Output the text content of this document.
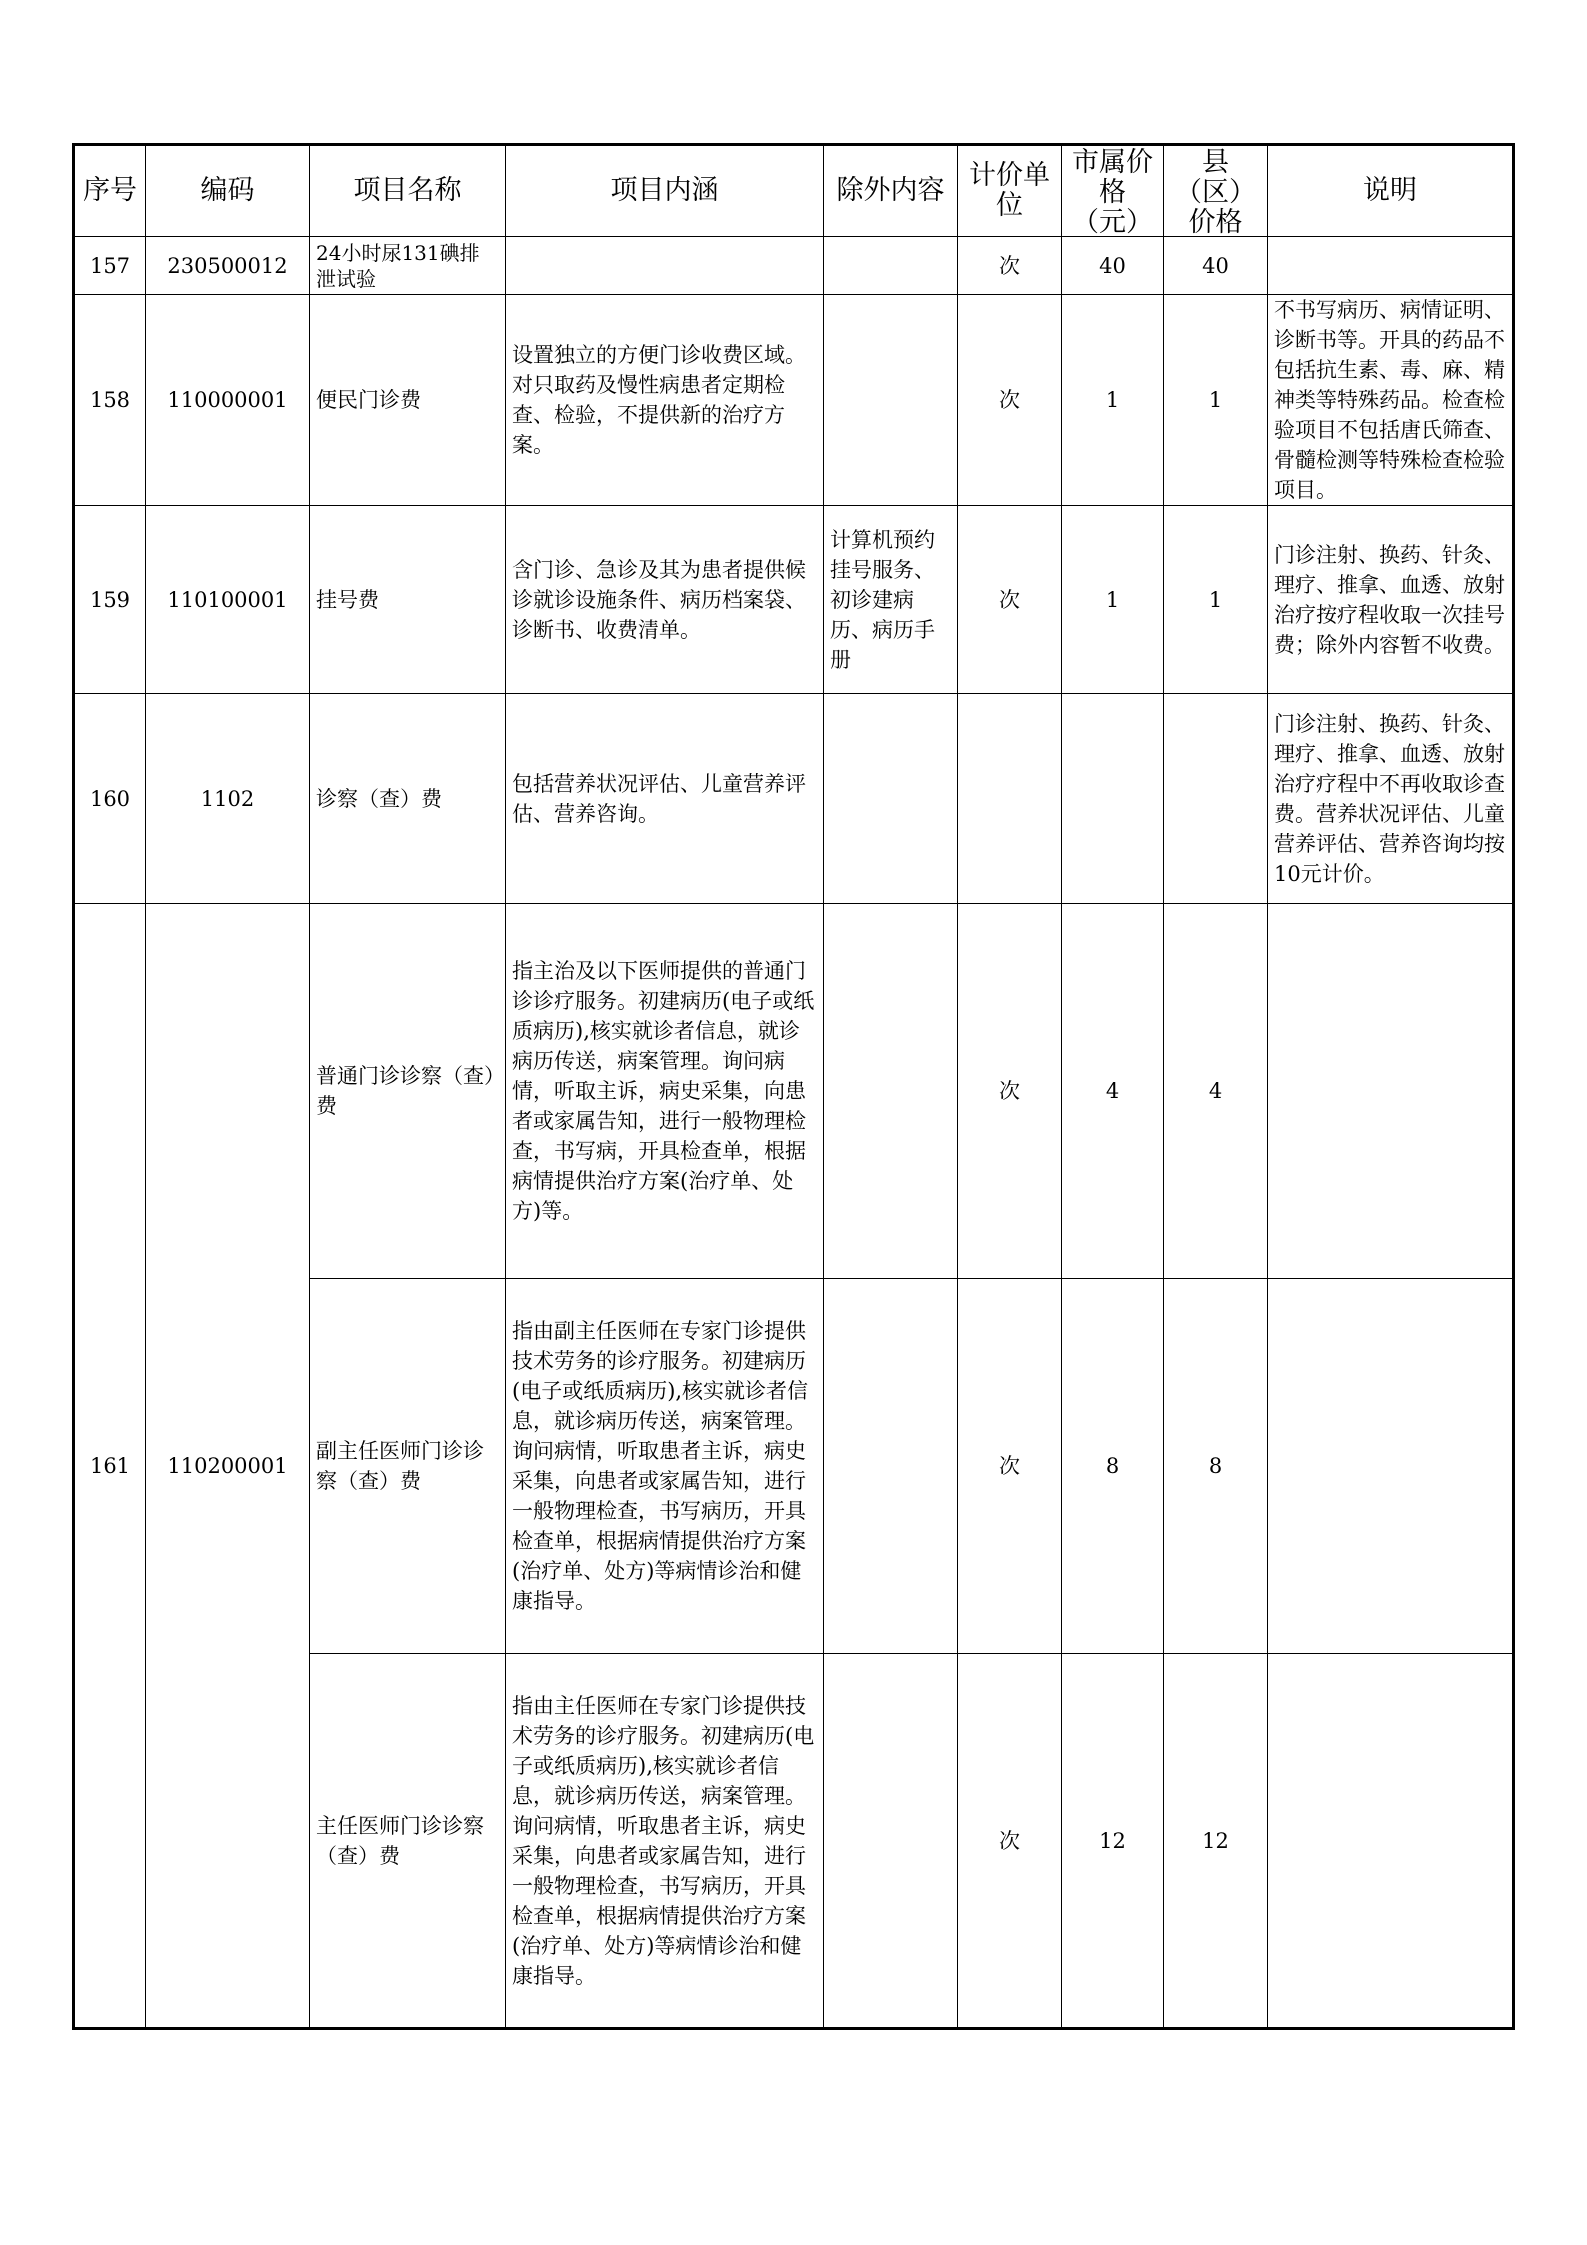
序号	编码	项目名称	项目内涵	除外内容	计价单位	市属价格（元）	县（区）价格	说明

157	230500012	24小时尿131碘排泄试验			次	40	40	
158	110000001	便民门诊费	设置独立的方便门诊收费区域。对只取药及慢性病患者定期检查、检验，不提供新的治疗方案。		次	1	1	不书写病历、病情证明、诊断书等。开具的药品不包括抗生素、毒、麻、精神类等特殊药品。检查检验项目不包括唐氏筛查、骨髓检测等特殊检查检验项目。
159	110100001	挂号费	含门诊、急诊及其为患者提供候诊就诊设施条件、病历档案袋、诊断书、收费清单。	计算机预约挂号服务、初诊建病历、病历手册	次	1	1	门诊注射、换药、针灸、理疗、推拿、血透、放射治疗按疗程收取一次挂号费；除外内容暂不收费。
160	1102	诊察（查）费	包括营养状况评估、儿童营养评估、营养咨询。					门诊注射、换药、针灸、理疗、推拿、血透、放射治疗疗程中不再收取诊查费。营养状况评估、儿童营养评估、营养咨询均按10元计价。
161	110200001	普通门诊诊察（查）费	指主治及以下医师提供的普通门诊诊疗服务。初建病历(电子或纸质病历),核实就诊者信息，就诊病历传送，病案管理。询问病情，听取主诉，病史采集，向患者或家属告知，进行一般物理检查，书写病，开具检查单，根据病情提供治疗方案(治疗单、处方)等。		次	4	4	
		副主任医师门诊诊察（查）费	指由副主任医师在专家门诊提供技术劳务的诊疗服务。初建病历(电子或纸质病历),核实就诊者信息，就诊病历传送，病案管理。询问病情，听取患者主诉，病史采集，向患者或家属告知，进行一般物理检查，书写病历，开具检查单，根据病情提供治疗方案(治疗单、处方)等病情诊治和健康指导。		次	8	8	
		主任医师门诊诊察（查）费	指由主任医师在专家门诊提供技术劳务的诊疗服务。初建病历(电子或纸质病历),核实就诊者信息，就诊病历传送，病案管理。询问病情，听取患者主诉，病史采集，向患者或家属告知，进行一般物理检查，书写病历，开具检查单，根据病情提供治疗方案(治疗单、处方)等病情诊治和健康指导。		次	12	12	
